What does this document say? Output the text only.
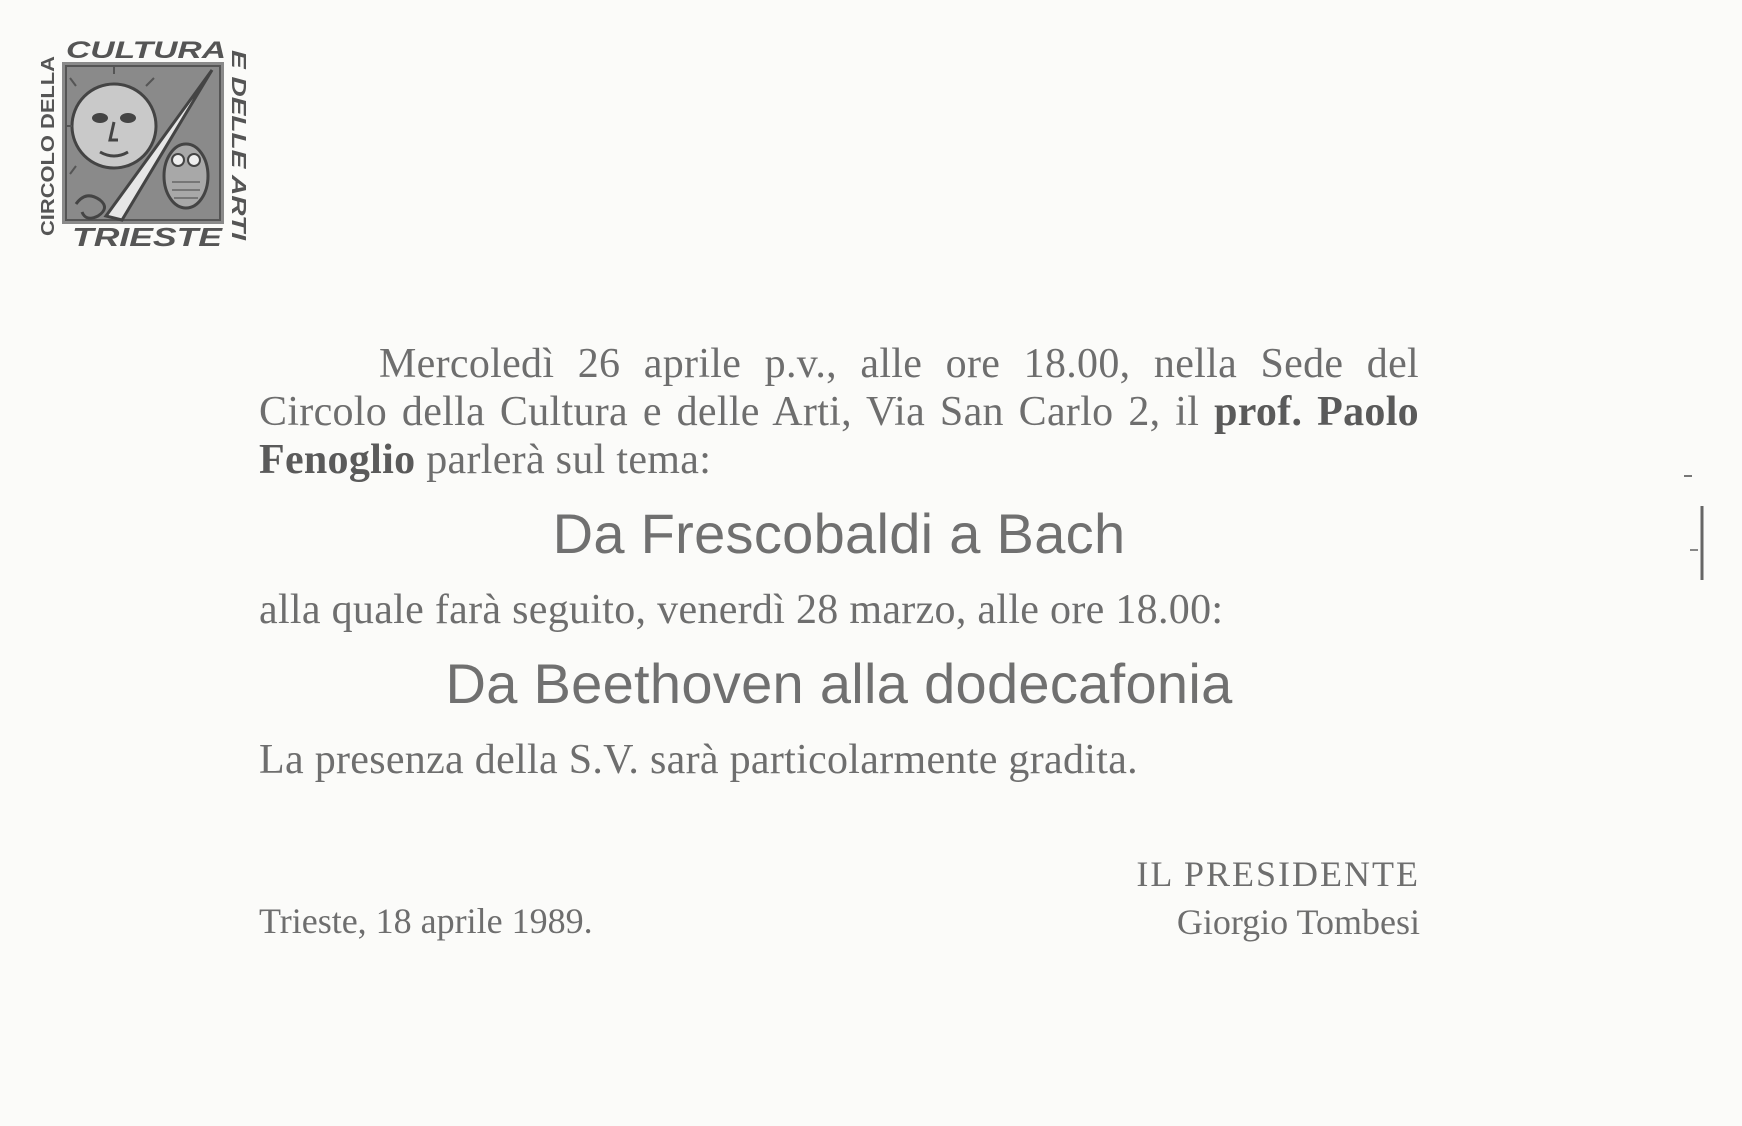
CULTURA
TRIESTE
CIRCOLO DELLA	E DELLE ARTI

Mercoledì 26 aprile p.v., alle ore 18.00, nella Sede del Circolo della Cultura e delle Arti, Via San Carlo 2, il prof. Paolo Fenoglio parlerà sul tema:

Da Frescobaldi a Bach

alla quale farà seguito, venerdì 28 marzo, alle ore 18.00:

Da Beethoven alla dodecafonia

La presenza della S.V. sarà particolarmente gradita.

Trieste, 18 aprile 1989.
IL PRESIDENTE
Giorgio Tombesi
